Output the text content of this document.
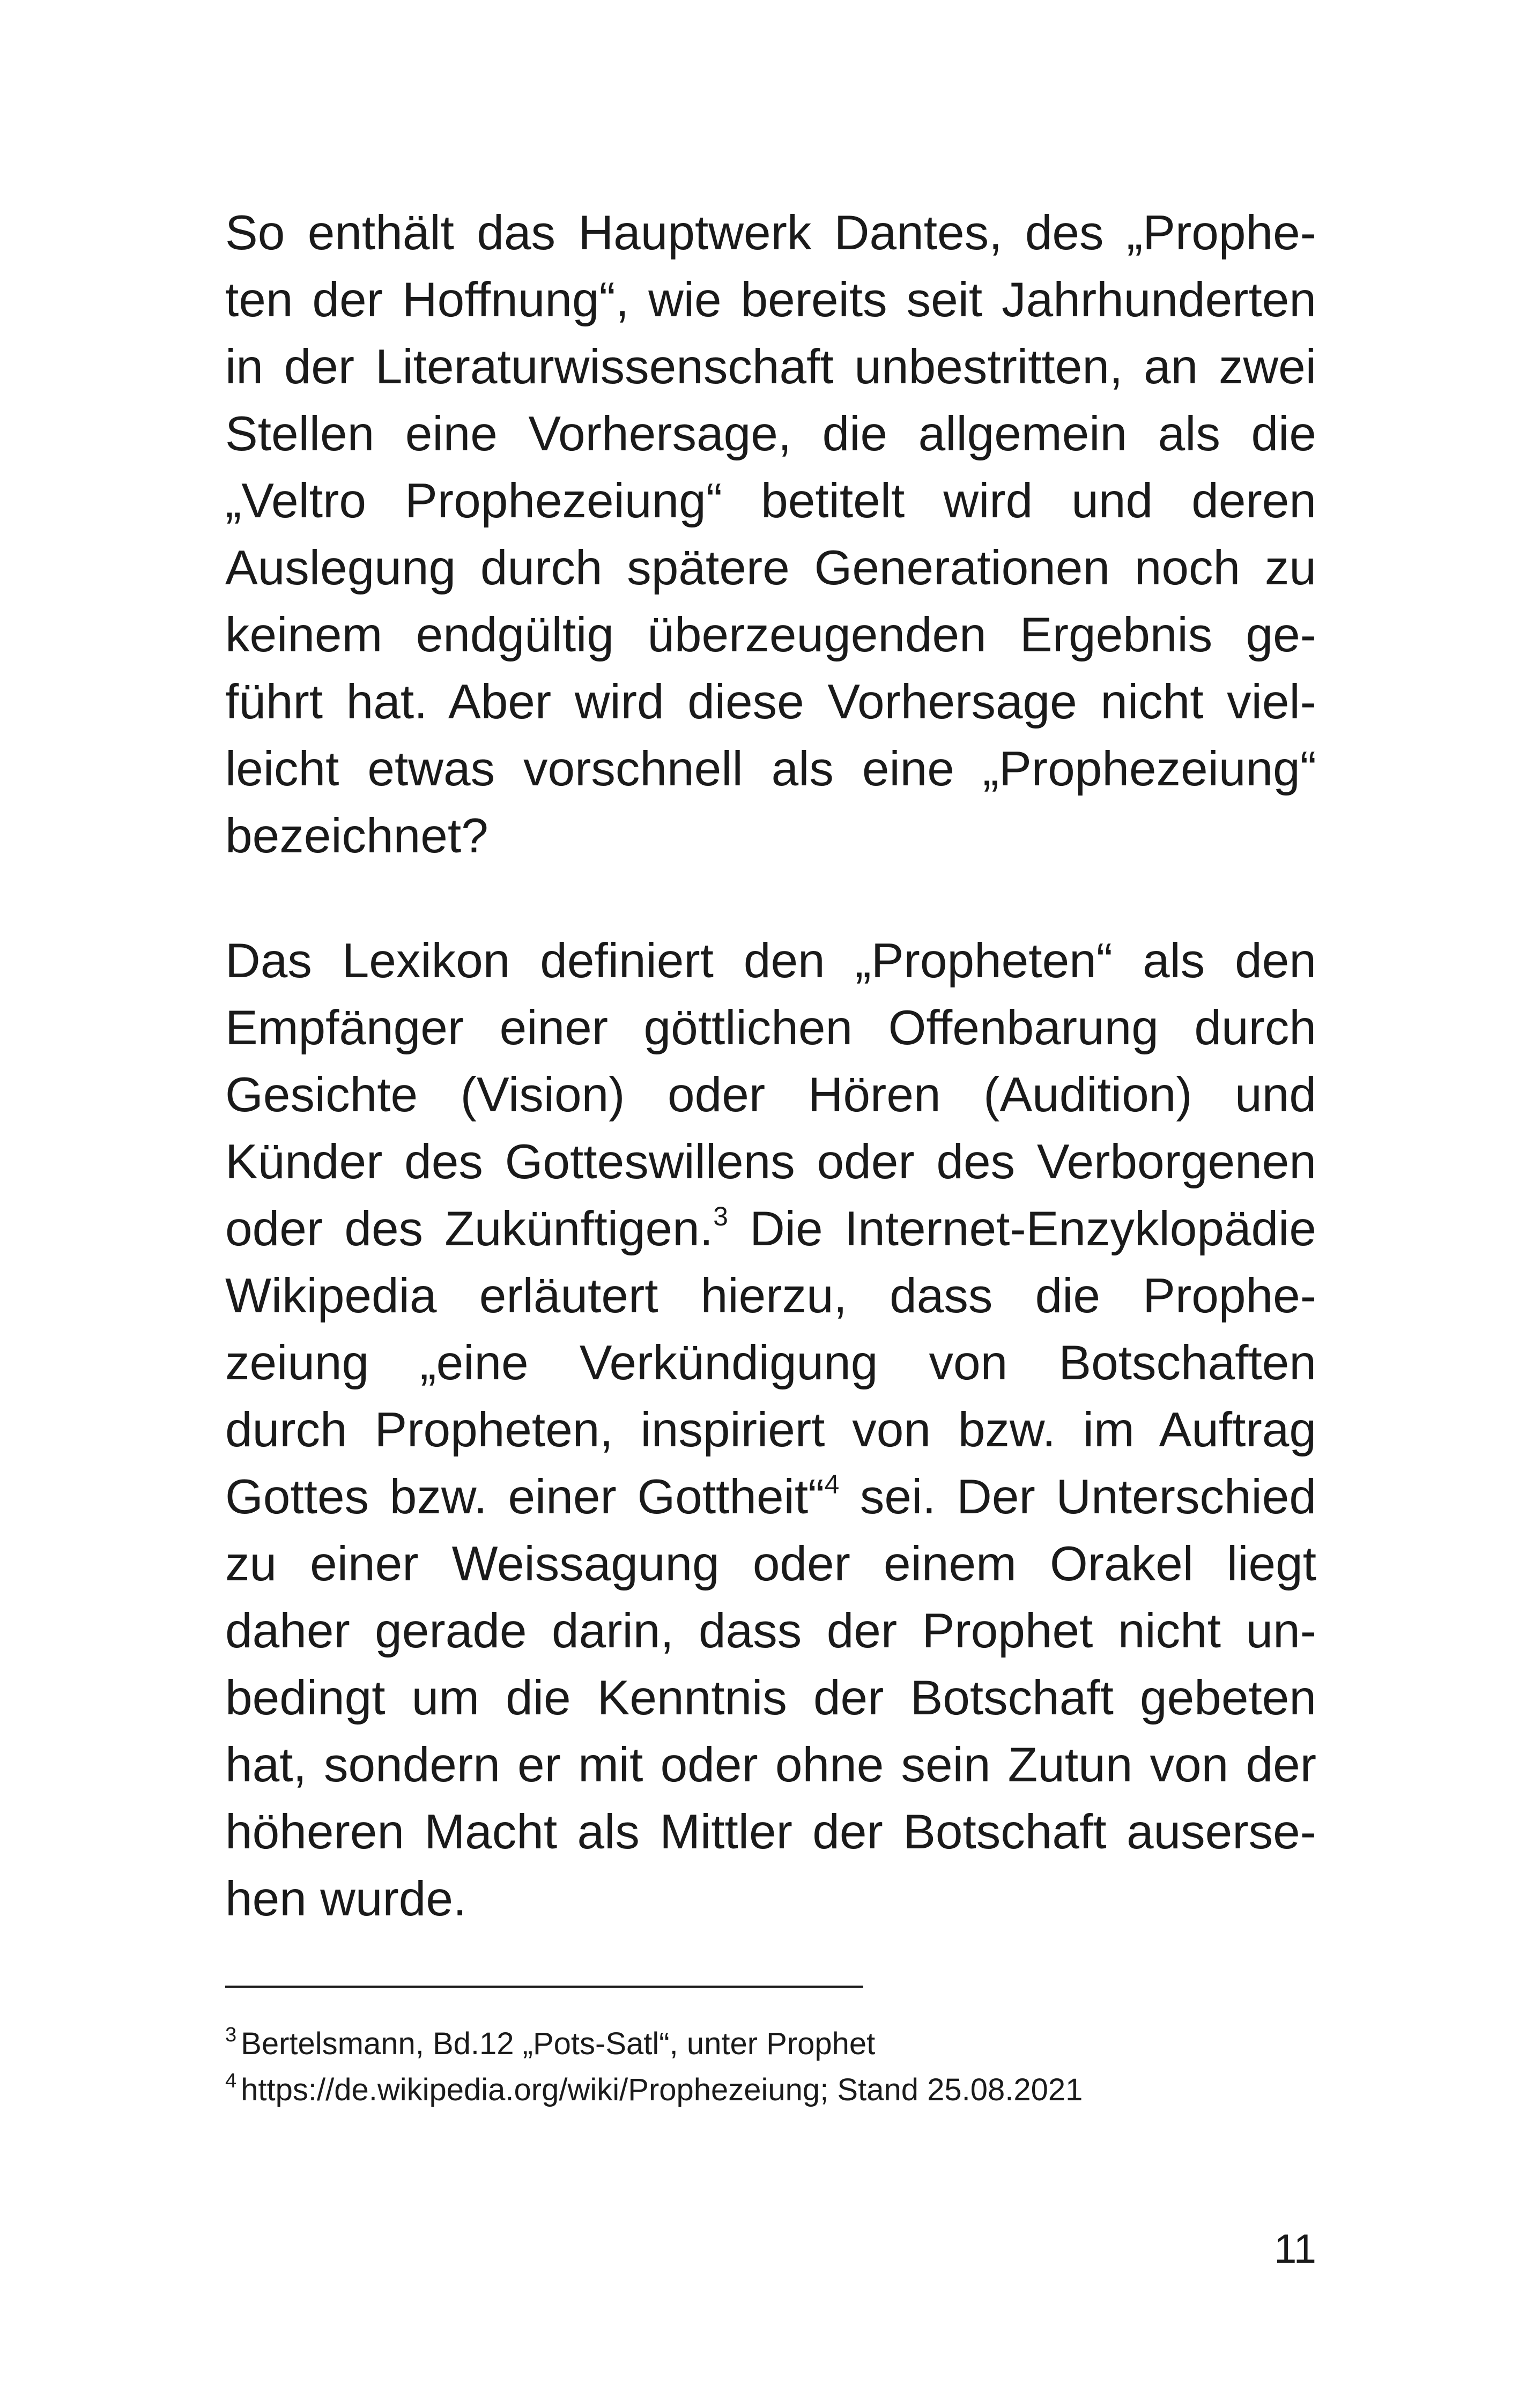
So enthält das Hauptwerk Dantes, des „Prophe-
ten der Hoffnung“, wie bereits seit Jahrhunderten
in der Literaturwissenschaft unbestritten, an zwei
Stellen eine Vorhersage, die allgemein als die
„Veltro Prophezeiung“ betitelt wird und deren
Auslegung durch spätere Generationen noch zu
keinem endgültig überzeugenden Ergebnis ge-
führt hat. Aber wird diese Vorhersage nicht viel-
leicht etwas vorschnell als eine „Prophezeiung“
bezeichnet?
Das Lexikon definiert den „Propheten“ als den
Empfänger einer göttlichen Offenbarung durch
Gesichte (Vision) oder Hören (Audition) und
Künder des Gotteswillens oder des Verborgenen
oder des Zukünftigen.$^3$ Die Internet-Enzyklopädie
Wikipedia erläutert hierzu, dass die Prophe-
zeiung „eine Verkündigung von Botschaften
durch Propheten, inspiriert von bzw. im Auftrag
Gottes bzw. einer Gottheit“$^4$ sei. Der Unterschied
zu einer Weissagung oder einem Orakel liegt
daher gerade darin, dass der Prophet nicht un-
bedingt um die Kenntnis der Botschaft gebeten
hat, sondern er mit oder ohne sein Zutun von der
höheren Macht als Mittler der Botschaft auserse-
hen wurde.
$^3$ Bertelsmann, Bd.12 „Pots-Satl“, unter Prophet
$^4$ https://de.wikipedia.org/wiki/Prophezeiung; Stand 25.08.2021
11
